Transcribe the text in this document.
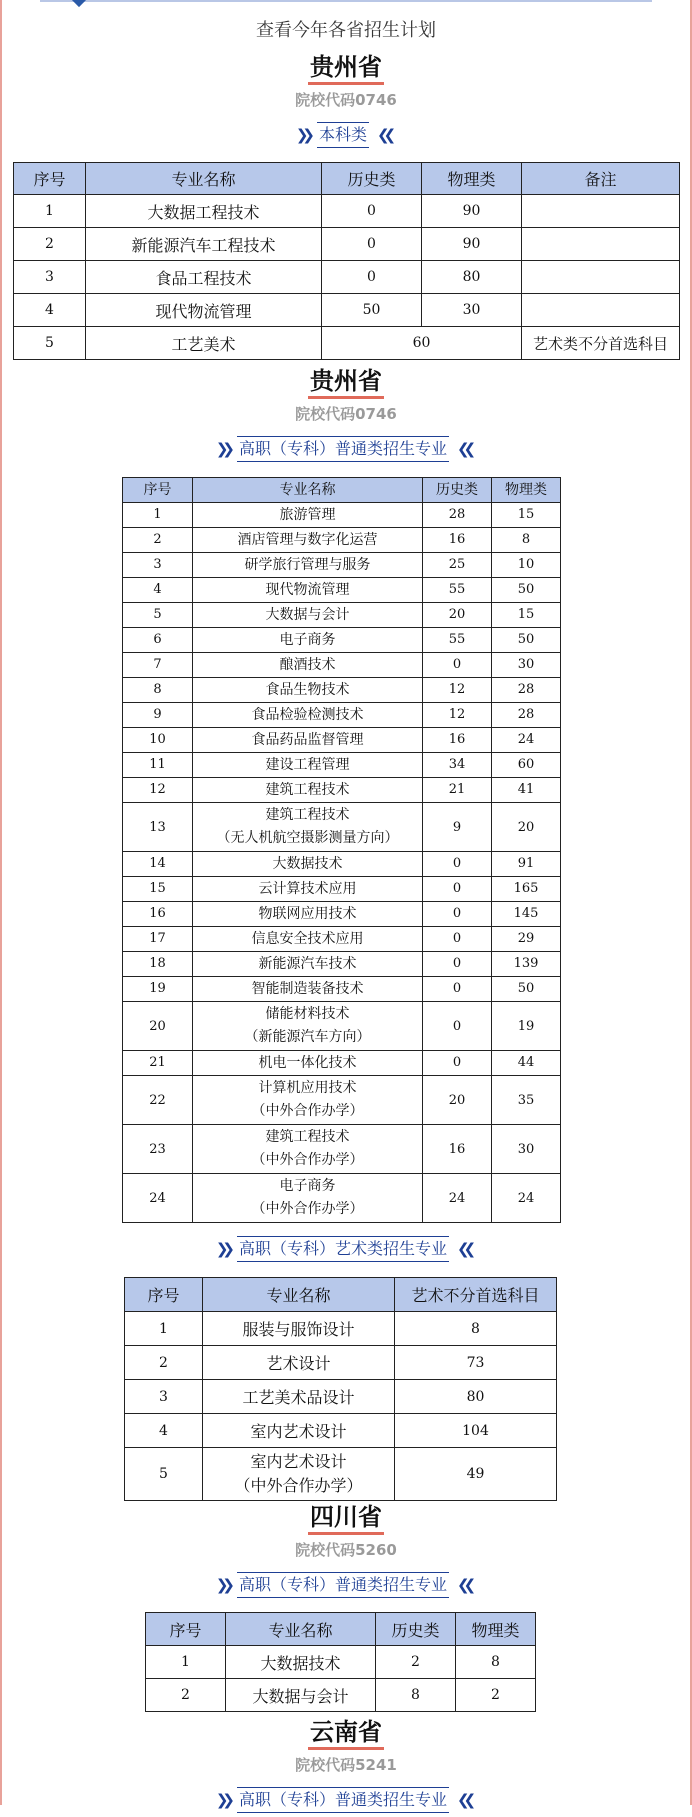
查看今年各省招生计划
贵州省
院校代码0746
❯❯ 本科类 ❮❮
序号	专业名称	历史类	物理类	备注
1	大数据工程技术	0	90	
2	新能源汽车工程技术	0	90	
3	食品工程技术	0	80	
4	现代物流管理	50	30	
5	工艺美术	60		艺术类不分首选科目
贵州省
院校代码0746
❯❯ 高职（专科）普通类招生专业 ❮❮
序号	专业名称	历史类	物理类
1	旅游管理	28	15
2	酒店管理与数字化运营	16	8
3	研学旅行管理与服务	25	10
4	现代物流管理	55	50
5	大数据与会计	20	15
6	电子商务	55	50
7	酿酒技术	0	30
8	食品生物技术	12	28
9	食品检验检测技术	12	28
10	食品药品监督管理	16	24
11	建设工程管理	34	60
12	建筑工程技术	21	41
13	建筑工程技术
（无人机航空摄影测量方向）	9	20
14	大数据技术	0	91
15	云计算技术应用	0	165
16	物联网应用技术	0	145
17	信息安全技术应用	0	29
18	新能源汽车技术	0	139
19	智能制造装备技术	0	50
20	储能材料技术
（新能源汽车方向）	0	19
21	机电一体化技术	0	44
22	计算机应用技术
（中外合作办学）	20	35
23	建筑工程技术
（中外合作办学）	16	30
24	电子商务
（中外合作办学）	24	24
❯❯ 高职（专科）艺术类招生专业 ❮❮
序号	专业名称	艺术不分首选科目
1	服装与服饰设计	8
2	艺术设计	73
3	工艺美术品设计	80
4	室内艺术设计	104
5	室内艺术设计
（中外合作办学）	49
四川省
院校代码5260
❯❯ 高职（专科）普通类招生专业 ❮❮
序号	专业名称	历史类	物理类
1	大数据技术	2	8
2	大数据与会计	8	2
云南省
院校代码5241
❯❯ 高职（专科）普通类招生专业 ❮❮
